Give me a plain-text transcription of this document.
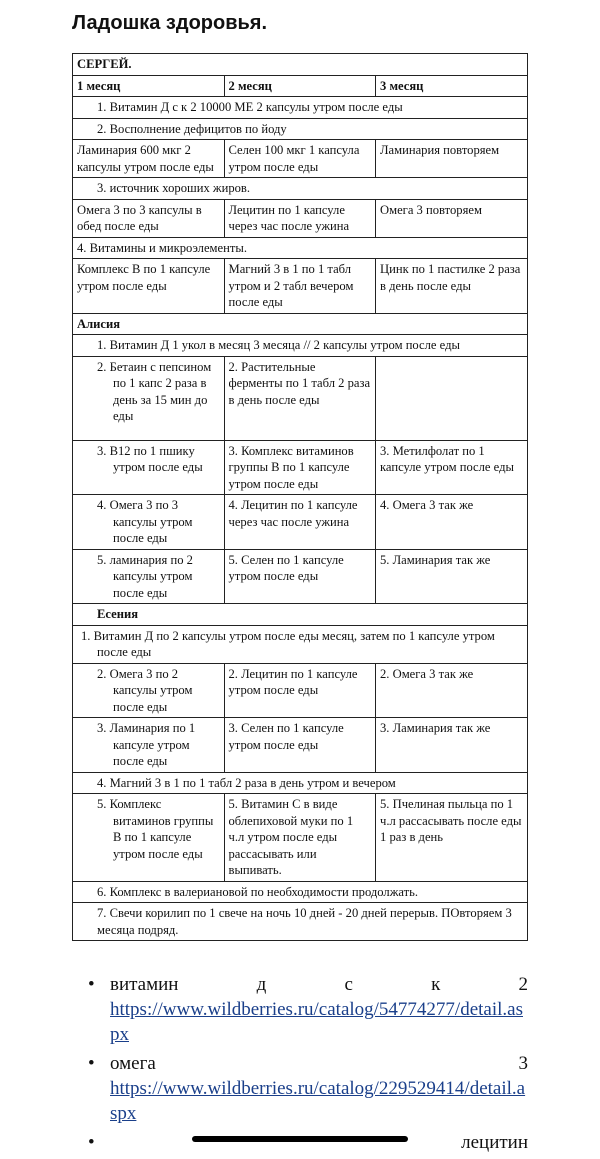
Ладошка здоровья.
СЕРГЕЙ.		
1 месяц	2 месяц	3 месяц
1. Витамин Д с к 2 10000 МЕ 2 капсулы утром после еды		
2. Восполнение дефицитов по йоду		
Ламинария 600 мкг 2 капсулы утром после еды	Селен 100 мкг 1 капсула утром после еды	Ламинария повторяем
3. источник хороших жиров.		
Омега 3 по 3 капсулы в обед после еды	Лецитин по 1 капсуле через час после ужина	Омега 3 повторяем
4. Витамины и микроэлементы.		
Комплекс В по 1 капсуле утром после еды	Магний 3 в 1 по 1 табл утром и 2 табл вечером после еды	Цинк по 1 пастилке 2 раза в день после еды
Алисия		
1. Витамин Д 1 укол в месяц 3 месяца // 2 капсулы утром после еды		
2. Бетаин с пепсином по 1 капс 2 раза в день за 15 мин до еды	2. Растительные ферменты по 1 табл 2 раза в день после еды	
3. В12 по 1 пшику утром после еды	3. Комплекс витаминов группы В по 1 капсуле утром после еды	3. Метилфолат по 1 капсуле утром после еды
4. Омега 3 по 3 капсулы утром после еды	4. Лецитин по 1 капсуле через час после ужина	4. Омега 3 так же
5. ламинария по 2 капсулы утром после еды	5. Селен по 1 капсуле утром после еды	5. Ламинария так же
Есения		
1. Витамин Д по 2 капсулы утром после еды месяц, затем по 1 капсуле утром после еды		
2. Омега 3 по 2 капсулы утром после еды	2. Лецитин по 1 капсуле утром после еды	2. Омега 3 так же
3. Ламинария по 1 капсуле утром после еды	3. Селен по 1 капсуле утром после еды	3. Ламинария так же
4. Магний 3 в 1 по 1 табл 2 раза в день утром и вечером		
5. Комплекс витаминов группы В по 1 капсуле утром после еды	5. Витамин С в виде облепиховой муки по 1 ч.л утром после еды рассасывать или выпивать.	5. Пчелиная пыльца по 1 ч.л рассасывать после еды 1 раз в день
6. Комплекс в валериановой по необходимости продолжать.		
7. Свечи корилип по 1 свече на ночь 10 дней - 20 дней перерыв. ПОвторяем 3 месяца подряд.		
• витамин	д	с	к	2
https://www.wildberries.ru/catalog/54774277/detail.aspx
• омега	3
https://www.wildberries.ru/catalog/229529414/detail.aspx
•	лецитин
